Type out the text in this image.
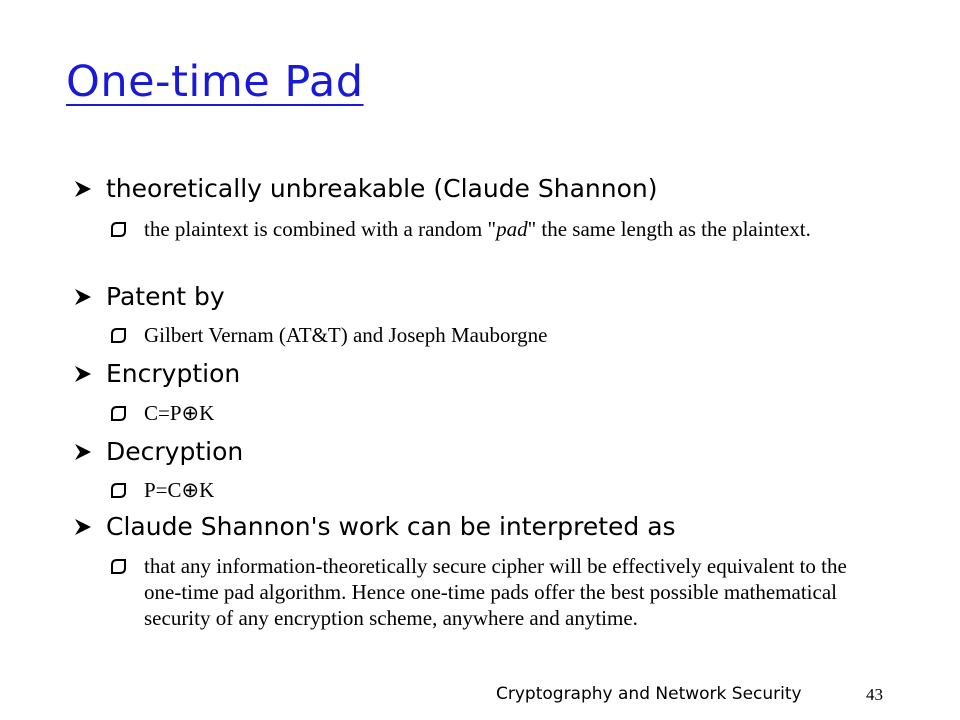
One-time Pad
theoretically unbreakable (Claude Shannon)
the plaintext is combined with a random "pad" the same length as the plaintext.
Patent by
Gilbert Vernam (AT&T) and Joseph Mauborgne
Encryption
C=P⊕K
Decryption
P=C⊕K
Claude Shannon's work can be interpreted as
that any information-theoretically secure cipher will be effectively equivalent to the one-time pad algorithm. Hence one-time pads offer the best possible mathematical security of any encryption scheme, anywhere and anytime.
Cryptography and Network Security	43
